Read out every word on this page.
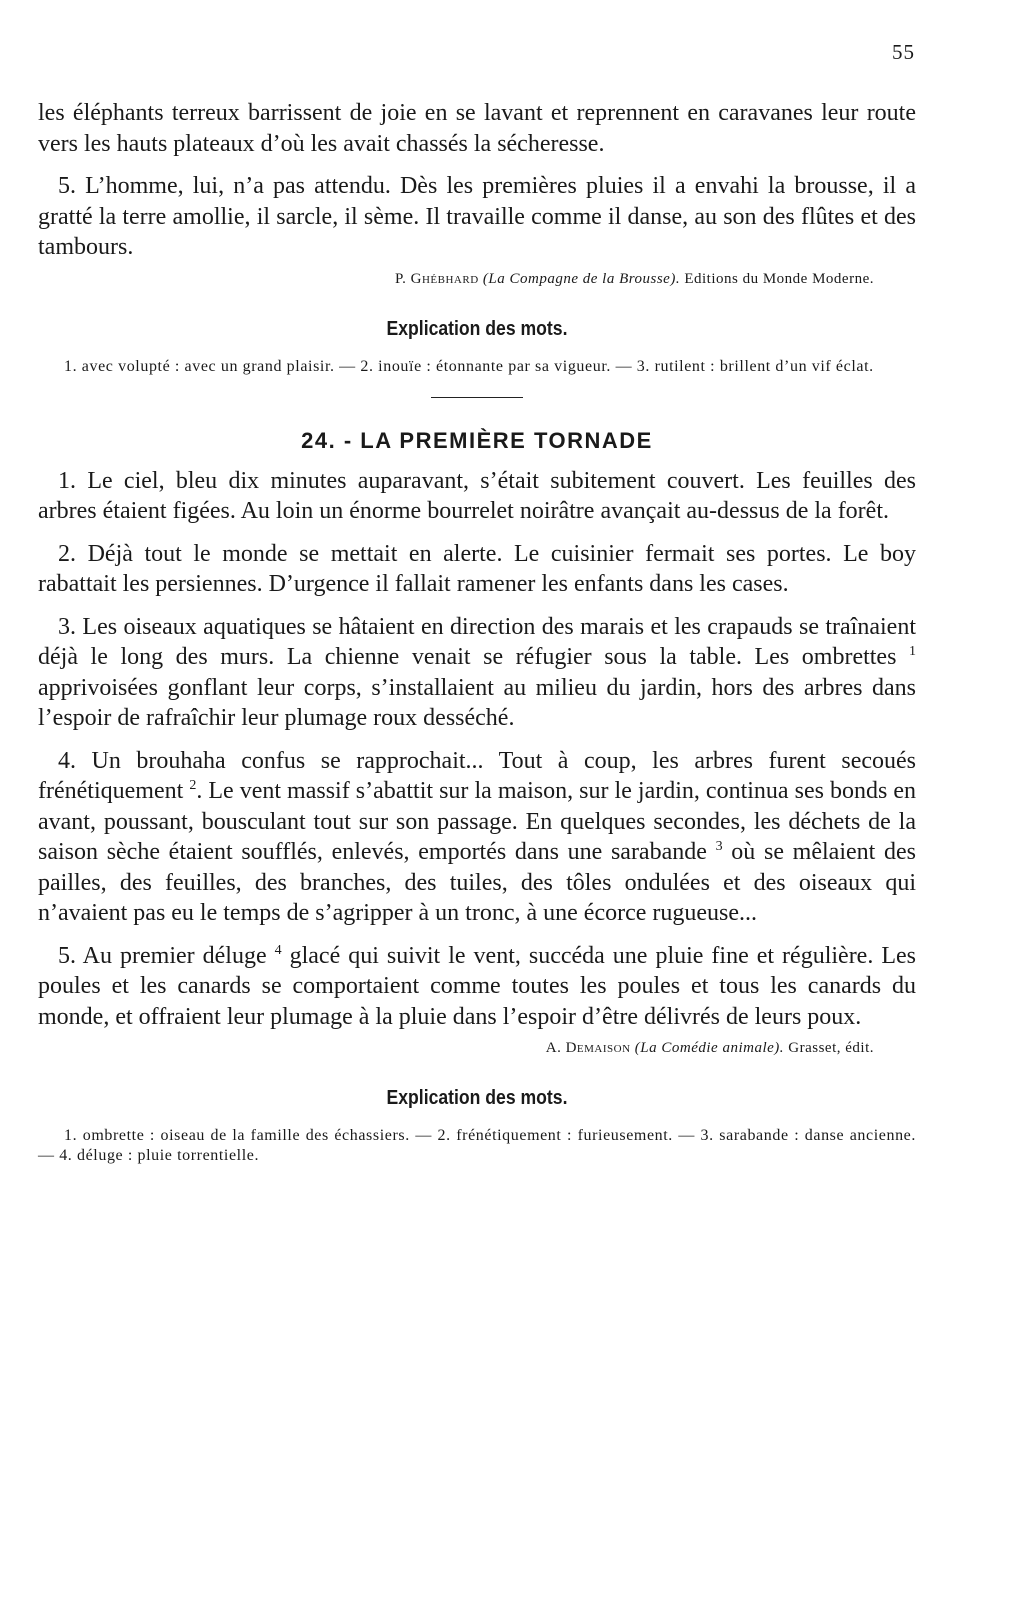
55

les éléphants terreux barrissent de joie en se lavant et reprennent en caravanes leur route vers les hauts plateaux d’où les avait chassés la sécheresse.

5. L’homme, lui, n’a pas attendu. Dès les premières pluies il a envahi la brousse, il a gratté la terre amollie, il sarcle, il sème. Il travaille comme il danse, au son des flûtes et des tambours.

P. Ghébhard (La Compagne de la Brousse). Editions du Monde Moderne.
Explication des mots.
1. avec volupté : avec un grand plaisir. — 2. inouïe : étonnante par sa vigueur. — 3. rutilent : brillent d’un vif éclat.
24. - LA PREMIÈRE TORNADE

1. Le ciel, bleu dix minutes auparavant, s’était subitement couvert. Les feuilles des arbres étaient figées. Au loin un énorme bourrelet noirâtre avançait au-dessus de la forêt.

2. Déjà tout le monde se mettait en alerte. Le cuisinier fermait ses portes. Le boy rabattait les persiennes. D’urgence il fallait ramener les enfants dans les cases.

3. Les oiseaux aquatiques se hâtaient en direction des marais et les crapauds se traînaient déjà le long des murs. La chienne venait se réfugier sous la table. Les ombrettes $^1$ apprivoisées gonflant leur corps, s’installaient au milieu du jardin, hors des arbres dans l’espoir de rafraîchir leur plumage roux desséché.

4. Un brouhaha confus se rapprochait... Tout à coup, les arbres furent secoués frénétiquement $^2$. Le vent massif s’abattit sur la maison, sur le jardin, continua ses bonds en avant, poussant, bousculant tout sur son passage. En quelques secondes, les déchets de la saison sèche étaient soufflés, enlevés, emportés dans une sarabande $^3$ où se mêlaient des pailles, des feuilles, des branches, des tuiles, des tôles ondulées et des oiseaux qui n’avaient pas eu le temps de s’agripper à un tronc, à une écorce rugueuse...

5. Au premier déluge $^4$ glacé qui suivit le vent, succéda une pluie fine et régulière. Les poules et les canards se comportaient comme toutes les poules et tous les canards du monde, et offraient leur plumage à la pluie dans l’espoir d’être délivrés de leurs poux.

A. Demaison (La Comédie animale). Grasset, édit.
Explication des mots.
1. ombrette : oiseau de la famille des échassiers. — 2. frénétiquement : furieusement. — 3. sarabande : danse ancienne. — 4. déluge : pluie torrentielle.
